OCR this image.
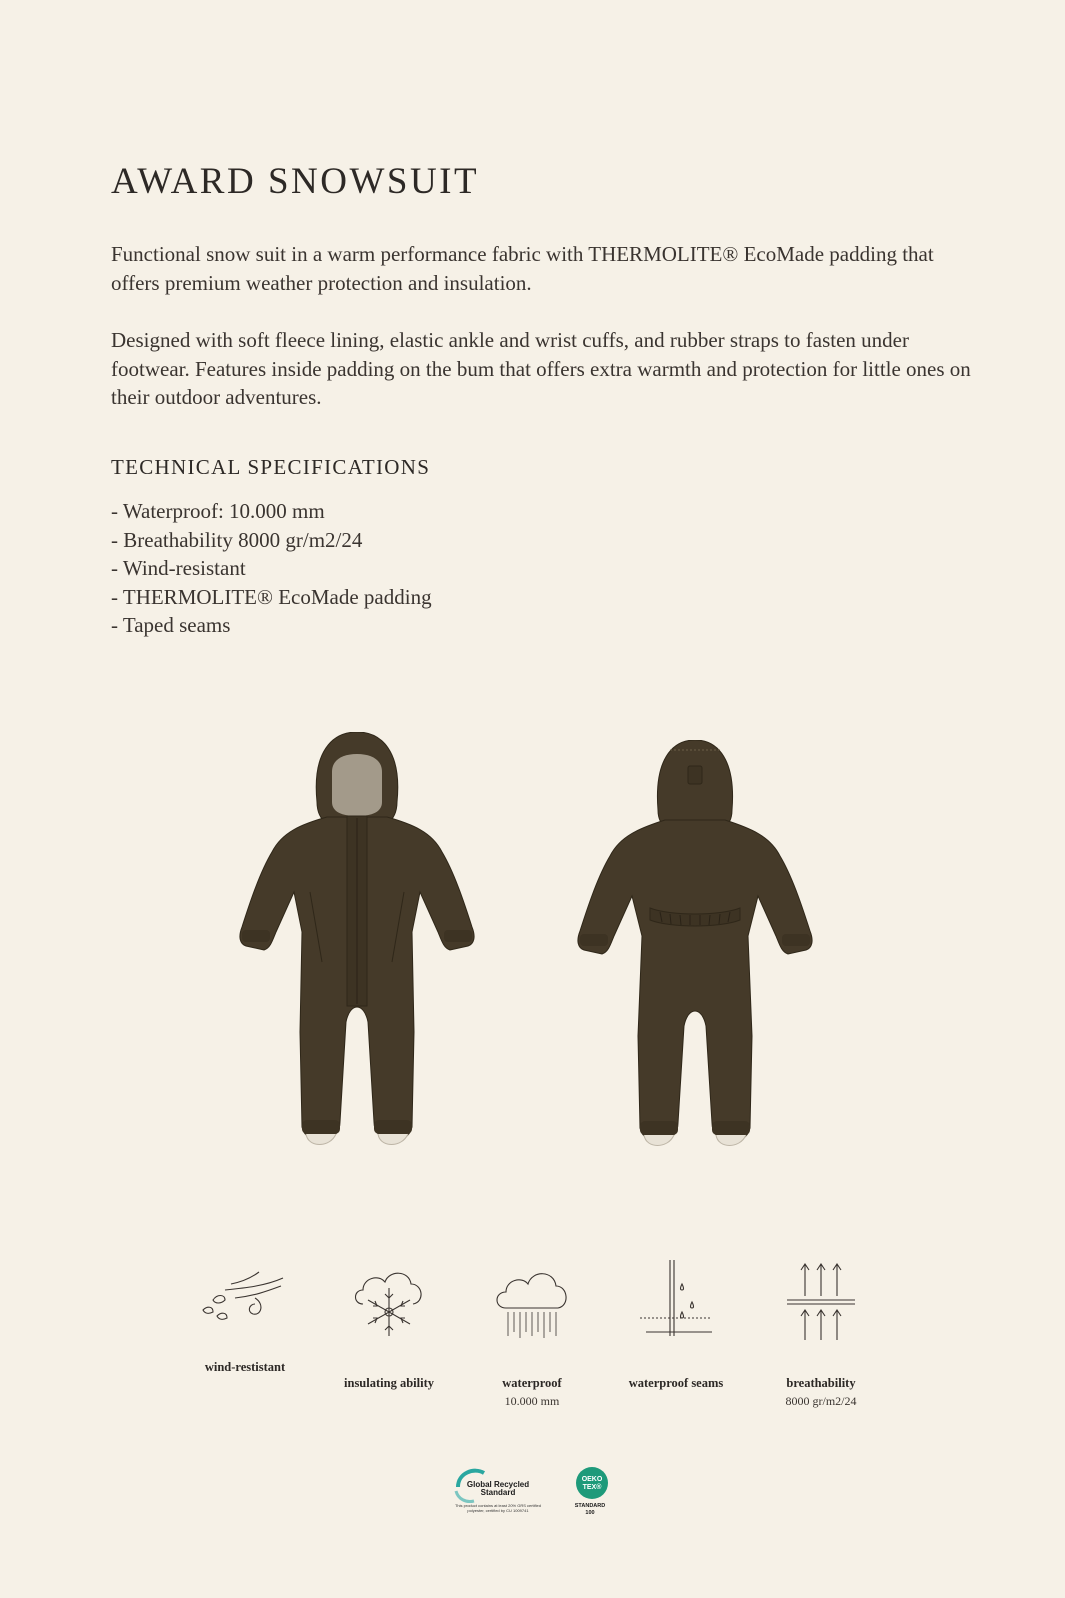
AWARD SNOWSUIT

Functional snow suit in a warm performance fabric with THERMOLITE® EcoMade padding that offers premium weather protection and insulation.

Designed with soft fleece lining, elastic ankle and wrist cuffs, and rubber straps to fasten under footwear. Features inside padding on the bum that offers extra warmth and protection for little ones on their outdoor adventures.

TECHNICAL SPECIFICATIONS
- Waterproof: 10.000 mm
- Breathability 8000 gr/m2/24
- Wind-resistant
- THERMOLITE® EcoMade padding
- Taped seams
wind-restistant
insulating ability	waterproof
10.000 mm
waterproof seams	breathability
8000 gr/m2/24
Global Recycled
Standard
This product contains at least 20% GRS certified polyester, certified by CU 1009741
OEKO
TEX®
STANDARD
100
